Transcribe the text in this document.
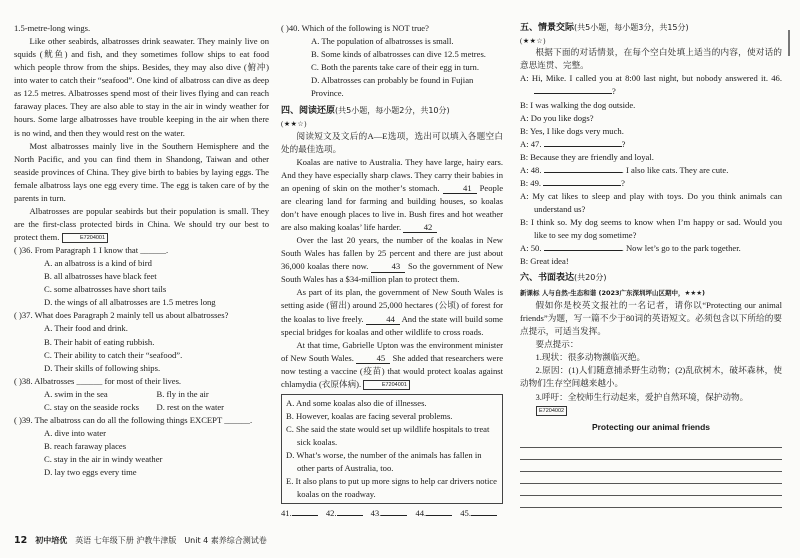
1.5-metre-long wings.

Like other seabirds, albatrosses drink seawater. They mainly live on squids (鱿鱼) and fish, and they sometimes follow ships to eat food which people throw from the ships. Besides, they may also dive (俯冲) into water to catch their “seafood”. One kind of albatross can dive as deep as 12.5 metres. Albatrosses spend most of their lives flying and can reach faraway places. They are also able to stay in the air in windy weather for hours. Some large albatrosses have trouble keeping in the air when there is no wind, and then they would rest on the water.

Most albatrosses mainly live in the Southern Hemisphere and the North Pacific, and you can find them in Shandong, Taiwan and other seaside provinces of China. They give birth to babies by laying eggs. The female albatross lays one egg every time. The egg is taken care of by the parents in turn.

Albatrosses are popular seabirds but their population is small. They are the first-class protected birds in China. We should try our best to protect them.	E7204001

( )36. From Paragraph 1 I know that ______.

A. an albatross is a kind of bird

B. all albatrosses have black feet

C. some albatrosses have short tails

D. the wings of all albatrosses are 1.5 metres long

( )37. What does Paragraph 2 mainly tell us about albatrosses?

A. Their food and drink.

B. Their habit of eating rubbish.

C. Their ability to catch their “seafood”.

D. Their skills of following ships.

( )38. Albatrosses ______ for most of their lives.

A. swim in the sea	B. fly in the air
C. stay on the seaside rocks	D. rest on the water

( )39. The albatross can do all the following things EXCEPT ______.

A. dive into water

B. reach faraway places

C. stay in the air in windy weather

D. lay two eggs every time

( )40. Which of the following is NOT true?

A. The population of albatrosses is small.

B. Some kinds of albatrosses can dive 12.5 metres.

C. Both the parents take care of their egg in turn.

D. Albatrosses can probably be found in Fujian Province.

四、阅读还原(共5小题，每小题2分，共10分)

(★★☆)

阅读短文及文后的A—E选项，选出可以填入各题空白处的最佳选项。

Koalas are native to Australia. They have large, hairy ears. And they have especially sharp claws. They carry their babies in an opening of skin on the mother’s stomach.	41 People are clearing land for farming and building houses, so koalas don’t have enough places to live in. Bush fires and hot weather are also making koalas’ life harder.	42

Over the last 20 years, the number of the koalas in New South Wales has fallen by 25 percent and there are just about 36,000 koalas there now.	43 So the government of New South Wales has a $34-million plan to protect them.

As part of its plan, the government of New South Wales is setting aside (留出) around 25,000 hectares (公顷) of forest for the koalas to live freely.	44 And the state will build some special bridges for koalas and other wildlife to cross roads.

At that time, Gabrielle Upton was the environment minister of New South Wales.	45 She added that researchers were now testing a vaccine (疫苗) that would protect koalas against chlamydia (衣原体病).	E7204001

A. And some koalas also die of illnesses.

B. However, koalas are facing several problems.

C. She said the state would set up wildlife hospitals to treat sick koalas.

D. What’s worse, the number of the animals has fallen in other parts of Australia, too.

E. It also plans to put up more signs to help car drivers notice koalas on the roadway.

41.	42.	43.	44.	45.

五、情景交际(共5小题，每小题3分，共15分)

(★★☆)

根据下面的对话情景，在每个空白处填上适当的内容，使对话的意思连贯、完整。

A: Hi, Mike. I called you at 8:00 last night, but nobody answered it. 46. ?

B: I was walking the dog outside.

A: Do you like dogs?

B: Yes, I like dogs very much.

A: 47.	?

B: Because they are friendly and loyal.

A: 48.	. I also like cats. They are cute.

B: 49.	?

A: My cat likes to sleep and play with toys. Do you think animals can understand us?

B: I think so. My dog seems to know when I’m happy or sad. Would you like to see my dog sometime?

A: 50.	. Now let’s go to the park together.

B: Great idea!

六、书面表达(共20分)

新课标 人与自然·生态和谐 (2023广东深圳坪山区期中，★★★)

假如你是校英文报社的一名记者，请你以“Protecting our animal friends”为题，写一篇不少于80词的英语短文。必须包含以下所给的要点提示，可适当发挥。

要点提示：

1.现状：很多动物濒临灭绝。

2.原因：(1)人们随意捕杀野生动物；(2)乱砍树木，破坏森林，使动物们生存空间越来越小。

3.呼吁：全校师生行动起来，爱护自然环境，保护动物。

E7204002

Protecting our animal friends

12 初中培优 英语 七年级下册 沪教牛津版 Unit 4 素养综合测试卷
